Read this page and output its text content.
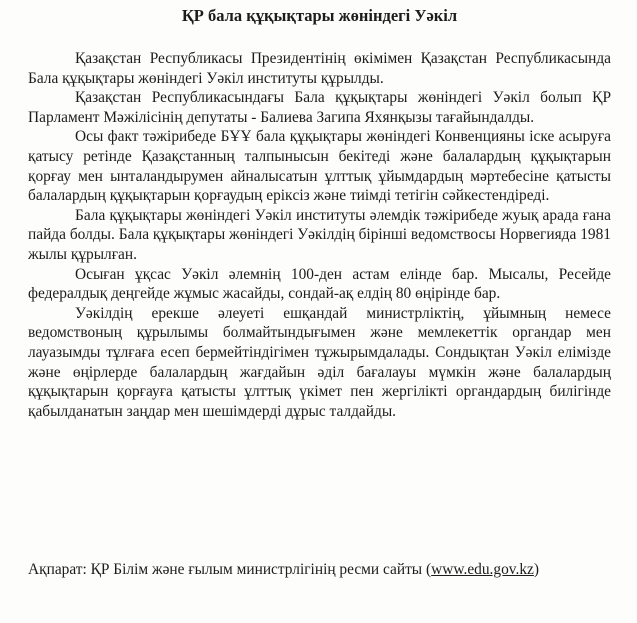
ҚР бала құқықтары жөніндегі Уәкіл

Қазақстан Республикасы Президентінің өкімімен Қазақстан Республикасында Бала құқықтары жөніндегі Уәкіл институты құрылды.

Қазақстан Республикасындағы Бала құқықтары жөніндегі Уәкіл болып ҚР Парламент Мәжілісінің депутаты - Балиева Загипа Яхянқызы тағайындалды.

Осы факт тәжірибеде БҰҰ бала құқықтары жөніндегі Конвенцияны іске асыруға қатысу ретінде Қазақстанның талпынысын бекітеді және балалардың құқықтарын қорғау мен ынталандырумен айналысатын ұлттық ұйымдардың мәртебесіне қатысты балалардың құқықтарын қорғаудың ерікcіз және тиімді тетігін сәйкестендіреді.

Бала құқықтары жөніндегі Уәкіл институты әлемдік тәжірибеде жуық арада ғана пайда болды. Бала құқықтары жөніндегі Уәкілдің бірінші ведомствосы Норвегияда 1981 жылы құрылған.

Осыған ұқсас Уәкіл әлемнің 100-ден астам елінде бар. Мысалы, Ресейде федералдық деңгейде жұмыс жасайды, сондай-ақ елдің 80 өңірінде бар.

Уәкілдің ерекше әлеуеті ешқандай министрліктің, ұйымның немесе ведомствоның құрылымы болмайтындығымен және мемлекеттік органдар мен лауазымды тұлғаға есеп бермейтіндігімен тұжырымдалады. Сондықтан Уәкіл елімізде және өңірлерде балалардың жағдайын әділ бағалауы мүмкін және балалардың құқықтарын қорғауға қатысты ұлттық үкімет пен жергілікті органдардың билігінде қабылданатын заңдар мен шешімдерді дұрыс талдайды.

Ақпарат: ҚР Білім және ғылым министрлігінің ресми сайты (www.edu.gov.kz)
